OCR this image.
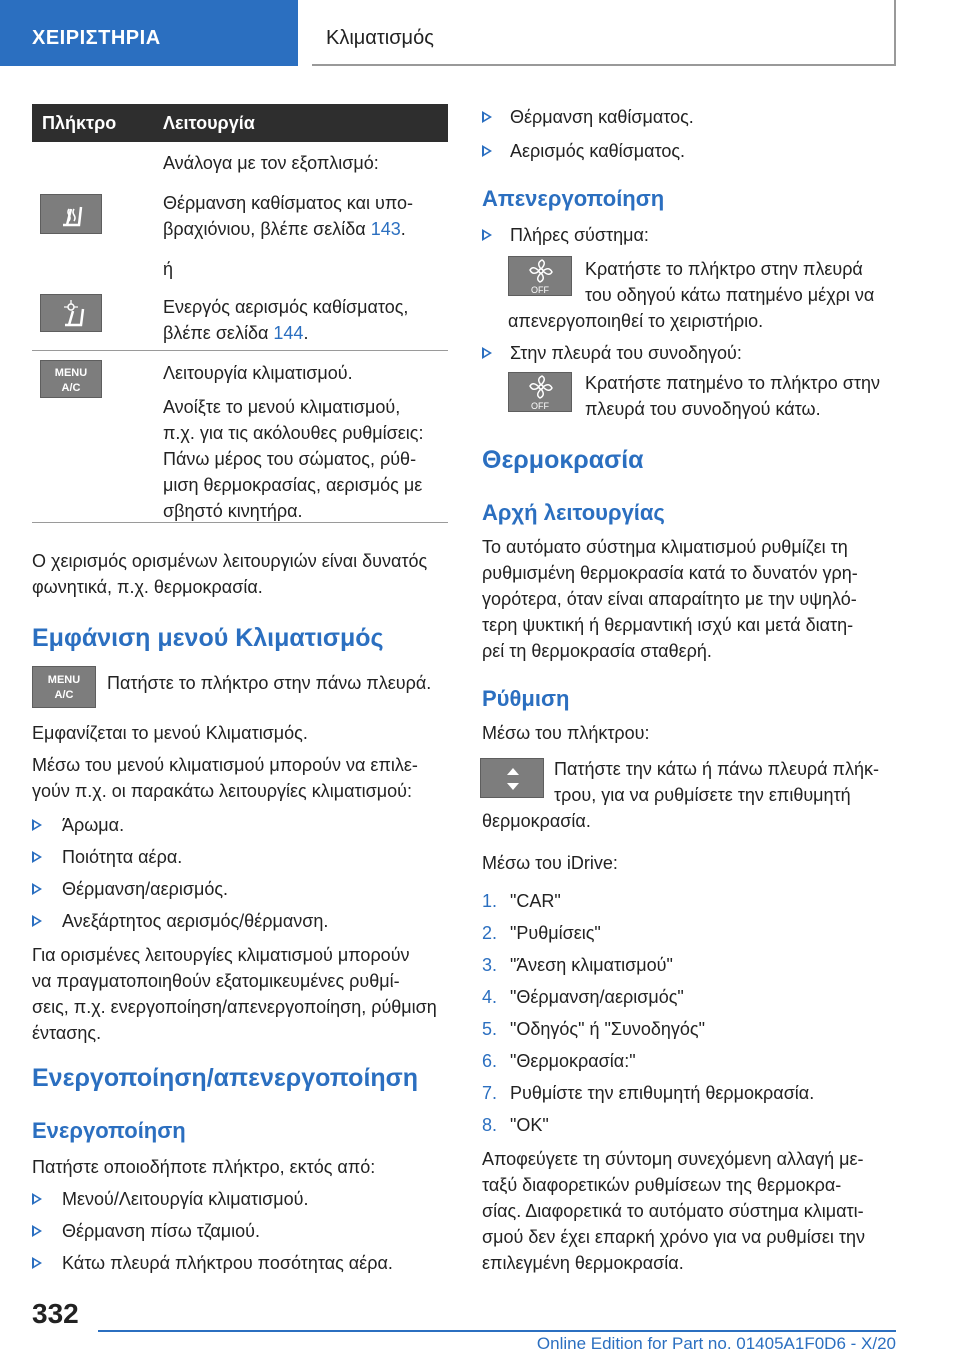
ΧΕΙΡΙΣΤΗΡΙΑ	Κλιματισμός
Πλήκτρο	Λειτουργία
Ανάλογα με τον εξοπλισμό:
Θέρμανση καθίσματος και υπο-
βραχιόνιου, βλέπε σελίδα 143.
ή
Ενεργός αερισμός καθίσματος,
βλέπε σελίδα 144.
MENU
A/C
Λειτουργία κλιματισμού.
Ανοίξτε το μενού κλιματισμού,
π.χ. για τις ακόλουθες ρυθμίσεις:
Πάνω μέρος του σώματος, ρύθ-
μιση θερμοκρασίας, αερισμός με
σβηστό κινητήρα.
Ο χειρισμός ορισμένων λειτουργιών είναι δυνατός
φωνητικά, π.χ. θερμοκρασία.
Εμφάνιση μενού Κλιματισμός
MENU
A/C
Πατήστε το πλήκτρο στην πάνω πλευρά.
Εμφανίζεται το μενού Κλιματισμός.
Μέσω του μενού κλιματισμού μπορούν να επιλε-
γούν π.χ. οι παρακάτω λειτουργίες κλιματισμού:
Άρωμα.
Ποιότητα αέρα.
Θέρμανση/αερισμός.
Ανεξάρτητος αερισμός/θέρμανση.
Για ορισμένες λειτουργίες κλιματισμού μπορούν
να πραγματοποιηθούν εξατομικευμένες ρυθμί-
σεις, π.χ. ενεργοποίηση/απενεργοποίηση, ρύθμιση
έντασης.
Ενεργοποίηση/απενεργοποίηση
Ενεργοποίηση
Πατήστε οποιοδήποτε πλήκτρο, εκτός από:
Μενού/Λειτουργία κλιματισμού.
Θέρμανση πίσω τζαμιού.
Κάτω πλευρά πλήκτρου ποσότητας αέρα.
Θέρμανση καθίσματος.
Αερισμός καθίσματος.
Απενεργοποίηση
Πλήρες σύστημα:
OFF
Κρατήστε το πλήκτρο στην πλευρά
του οδηγού κάτω πατημένο μέχρι να
απενεργοποιηθεί το χειριστήριο.
Στην πλευρά του συνοδηγού:
OFF
Κρατήστε πατημένο το πλήκτρο στην
πλευρά του συνοδηγού κάτω.
Θερμοκρασία
Αρχή λειτουργίας
Το αυτόματο σύστημα κλιματισμού ρυθμίζει τη
ρυθμισμένη θερμοκρασία κατά το δυνατόν γρη-
γορότερα, όταν είναι απαραίτητο με την υψηλό-
τερη ψυκτική ή θερμαντική ισχύ και μετά διατη-
ρεί τη θερμοκρασία σταθερή.
Ρύθμιση
Μέσω του πλήκτρου:
Πατήστε την κάτω ή πάνω πλευρά πλήκ-
τρου, για να ρυθμίσετε την επιθυμητή
θερμοκρασία.
Μέσω του iDrive:
1. "CAR"
2. "Ρυθμίσεις"
3. "Άνεση κλιματισμού"
4. "Θέρμανση/αερισμός"
5. "Οδηγός" ή "Συνοδηγός"
6. "Θερμοκρασία:"
7. Ρυθμίστε την επιθυμητή θερμοκρασία.
8. "OK"
Αποφεύγετε τη σύντομη συνεχόμενη αλλαγή με-
ταξύ διαφορετικών ρυθμίσεων της θερμοκρα-
σίας. Διαφορετικά το αυτόματο σύστημα κλιματι-
σμού δεν έχει επαρκή χρόνο για να ρυθμίσει την
επιλεγμένη θερμοκρασία.
332
Online Edition for Part no. 01405A1F0D6 - X/20
